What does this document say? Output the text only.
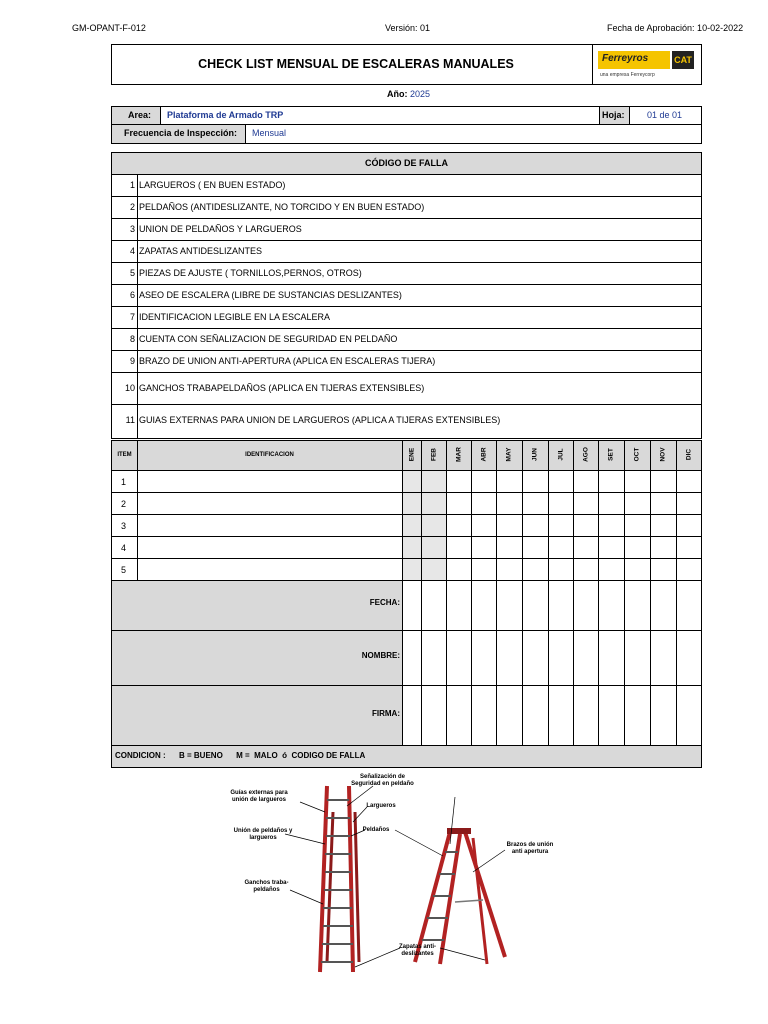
GM-OPANT-F-012	Versión: 01	Fecha de Aprobación: 10-02-2022
CHECK LIST MENSUAL DE ESCALERAS MANUALES	Ferreyros	CAT
una empresa Ferreycorp
Año: 2025
Area: Plataforma de Armado TRP	Hoja:	01 de 01
Frecuencia de Inspección: Mensual
CÓDIGO DE FALLA
1 LARGUEROS ( EN BUEN ESTADO)
2 PELDAÑOS (ANTIDESLIZANTE, NO TORCIDO Y EN BUEN ESTADO)
3 UNION DE PELDAÑOS Y LARGUEROS
4 ZAPATAS ANTIDESLIZANTES
5 PIEZAS DE AJUSTE ( TORNILLOS,PERNOS, OTROS)
6 ASEO DE ESCALERA (LIBRE DE SUSTANCIAS DESLIZANTES)
7 IDENTIFICACION LEGIBLE EN LA ESCALERA
8 CUENTA CON SEÑALIZACION DE SEGURIDAD EN PELDAÑO
9 BRAZO DE UNION ANTI-APERTURA (APLICA EN ESCALERAS TIJERA)
10 GANCHOS TRABAPELDAÑOS (APLICA EN TIJERAS EXTENSIBLES)
11 GUIAS EXTERNAS PARA UNION DE LARGUEROS (APLICA A TIJERAS EXTENSIBLES)
ITEM	IDENTIFICACION	ENE FEB	MAR	ABR	MAY	JUN	JUL	AGO	SET	OCT	NOV	DIC
1
2
3
4
5
FECHA:
NOMBRE:
FIRMA:
CONDICION :      B = BUENO      M =  MALO  ó  CODIGO DE FALLA
Señalización de Seguridad en peldaño
Guías externas para unión de largueros
Largueros
Unión de peldaños y largueros
Peldaños
Brazos de unión anti apertura
Ganchos traba-peldaños
Zapatas anti-deslizantes
